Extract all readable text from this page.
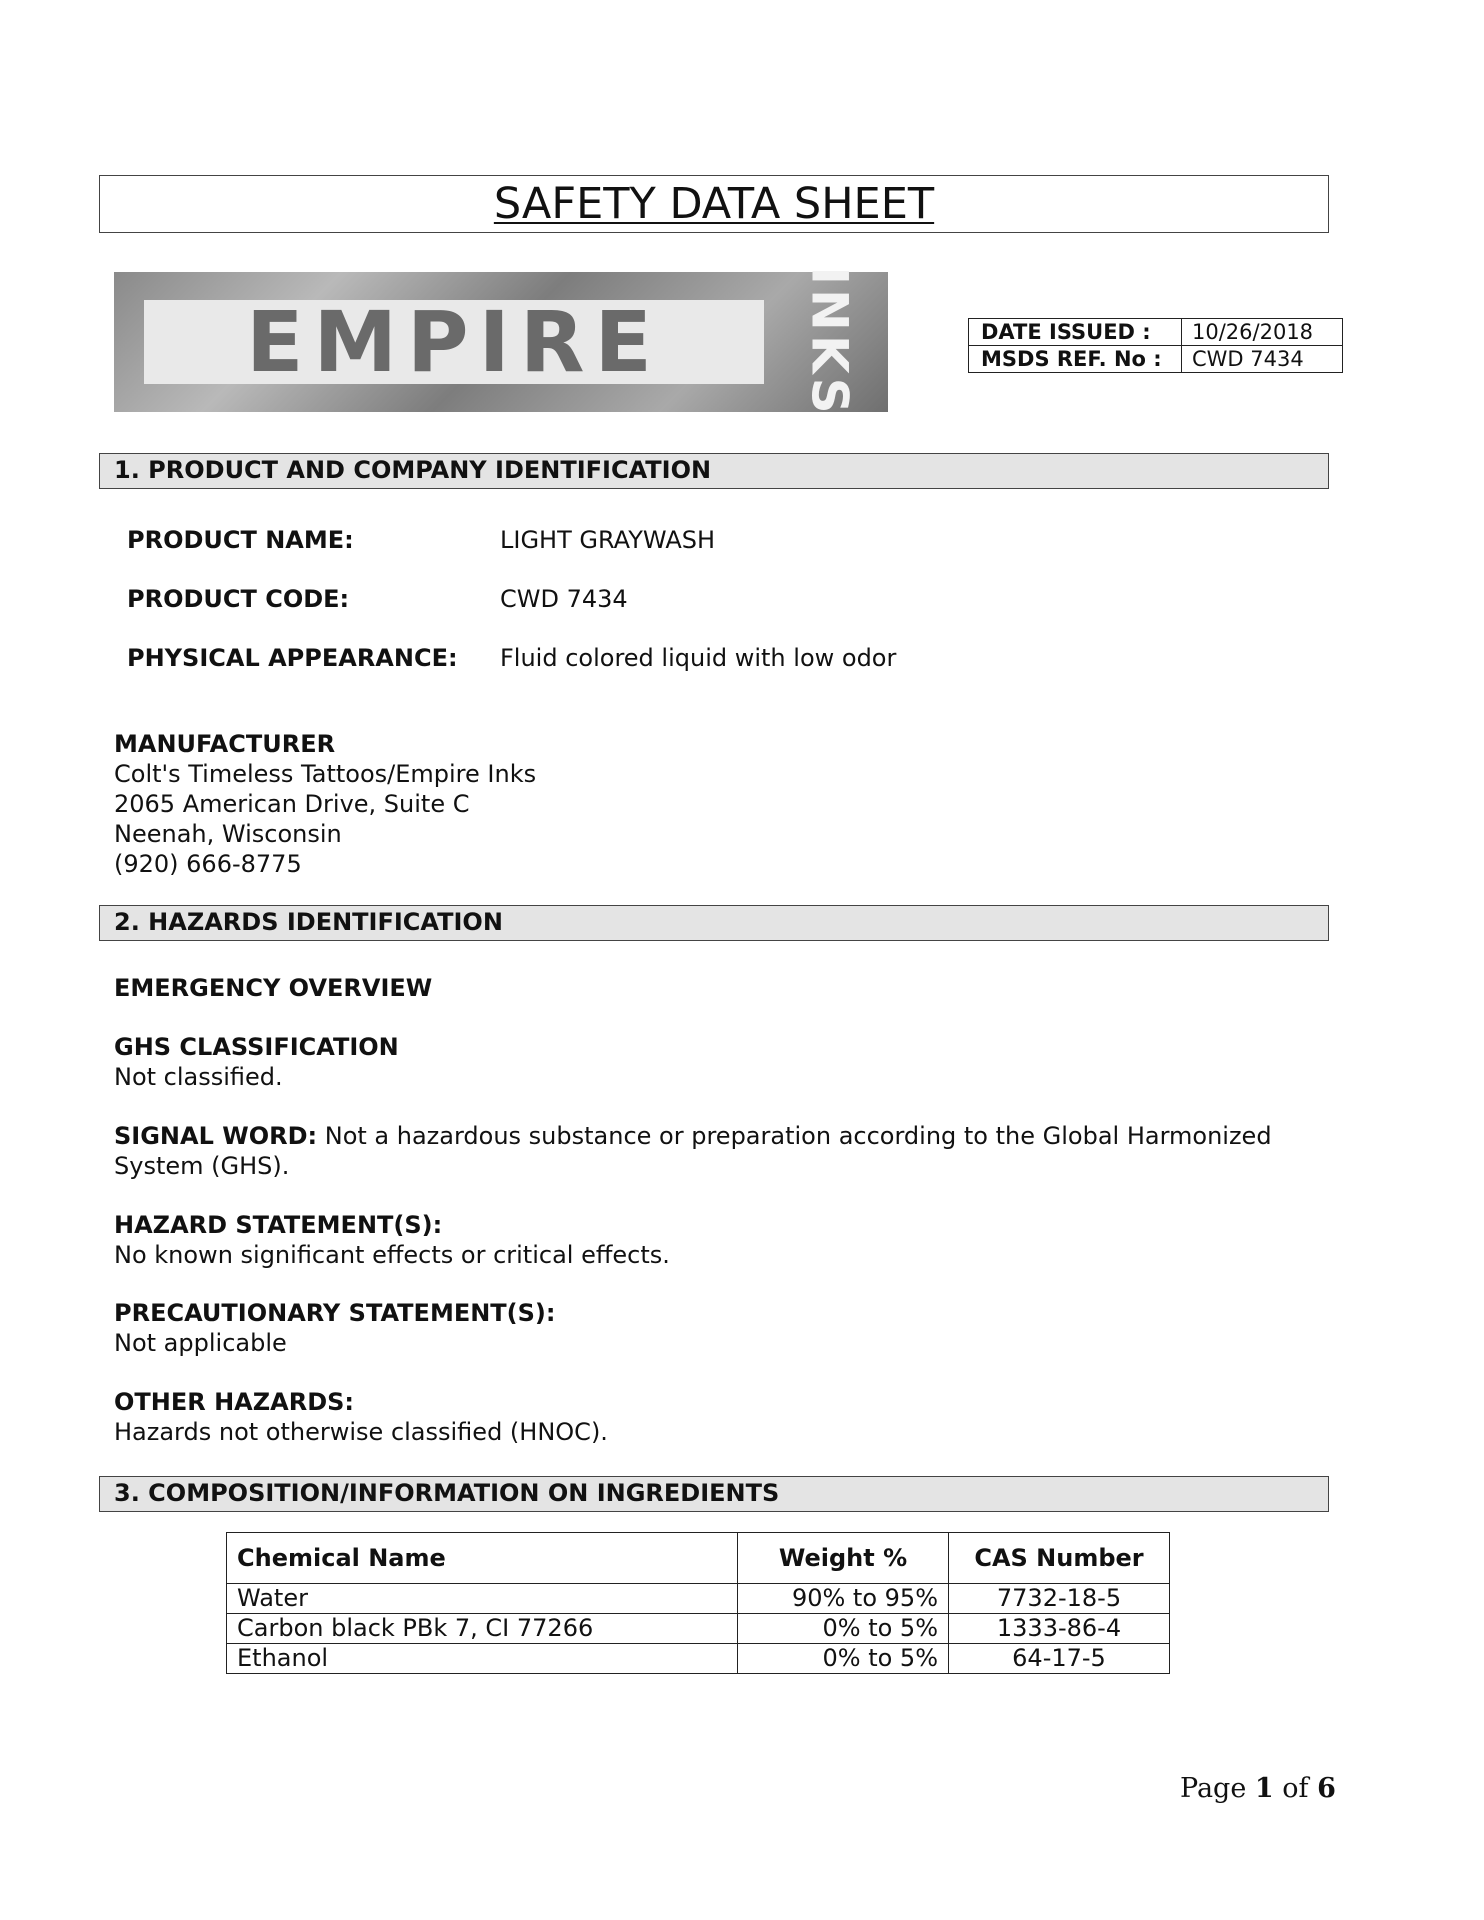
SAFETY DATA SHEET
EMPIRE	INKS	DATE ISSUED :	10/26/2018
MSDS REF. No :	CWD 7434
1. PRODUCT AND COMPANY IDENTIFICATION
PRODUCT NAME:	LIGHT GRAYWASH
PRODUCT CODE:	CWD 7434
PHYSICAL APPEARANCE: Fluid colored liquid with low odor
MANUFACTURER
Colt's Timeless Tattoos/Empire Inks
2065 American Drive, Suite C
Neenah, Wisconsin
(920) 666-8775
2. HAZARDS IDENTIFICATION
EMERGENCY OVERVIEW
GHS CLASSIFICATION
Not classified.
SIGNAL WORD: Not a hazardous substance or preparation according to the Global Harmonized
System (GHS).
HAZARD STATEMENT(S):
No known significant effects or critical effects.
PRECAUTIONARY STATEMENT(S):
Not applicable
OTHER HAZARDS:
Hazards not otherwise classified (HNOC).
3. COMPOSITION/INFORMATION ON INGREDIENTS
Chemical Name	Weight %	CAS Number
Water	90% to 95%	7732-18-5
Carbon black PBk 7, CI 77266	0% to 5%	1333-86-4
Ethanol	0% to 5%	64-17-5
Page 1 of 6
